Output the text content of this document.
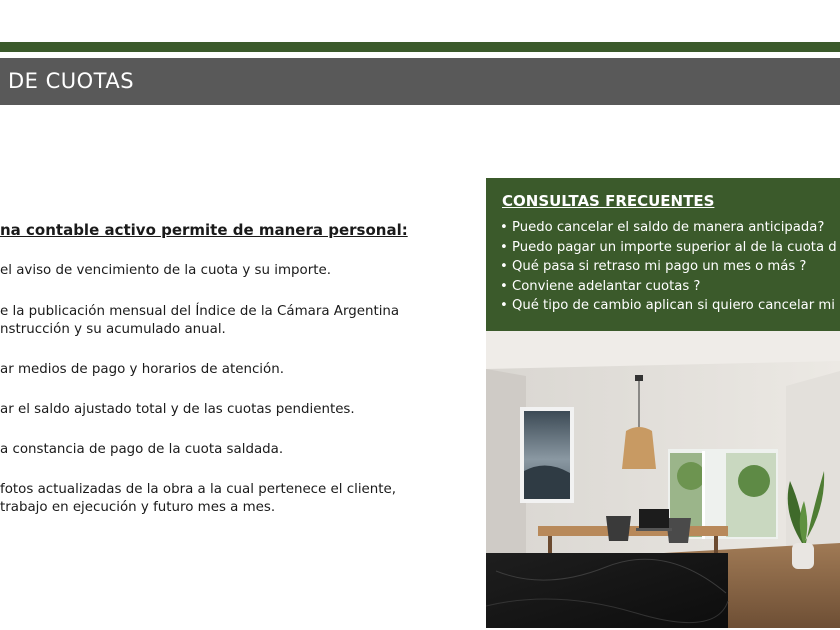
DE CUOTAS
na contable activo permite de manera personal:
el aviso de vencimiento de la cuota y su importe.
e la publicación mensual del Índice de la Cámara Argentina
nstrucción y su acumulado anual.
ar medios de pago y horarios de atención.
ar el saldo ajustado total y de las cuotas pendientes.
a constancia de pago de la cuota saldada.
fotos actualizadas de la obra a la cual pertenece el cliente,
trabajo en ejecución y futuro mes a mes.
CONSULTAS FRECUENTES
• Puedo cancelar el saldo de manera anticipada?
• Puedo pagar un importe superior al de la cuota d
• Qué pasa si retraso mi pago un mes o más ?
• Conviene adelantar cuotas ?
• Qué tipo de cambio aplican si quiero cancelar mi
